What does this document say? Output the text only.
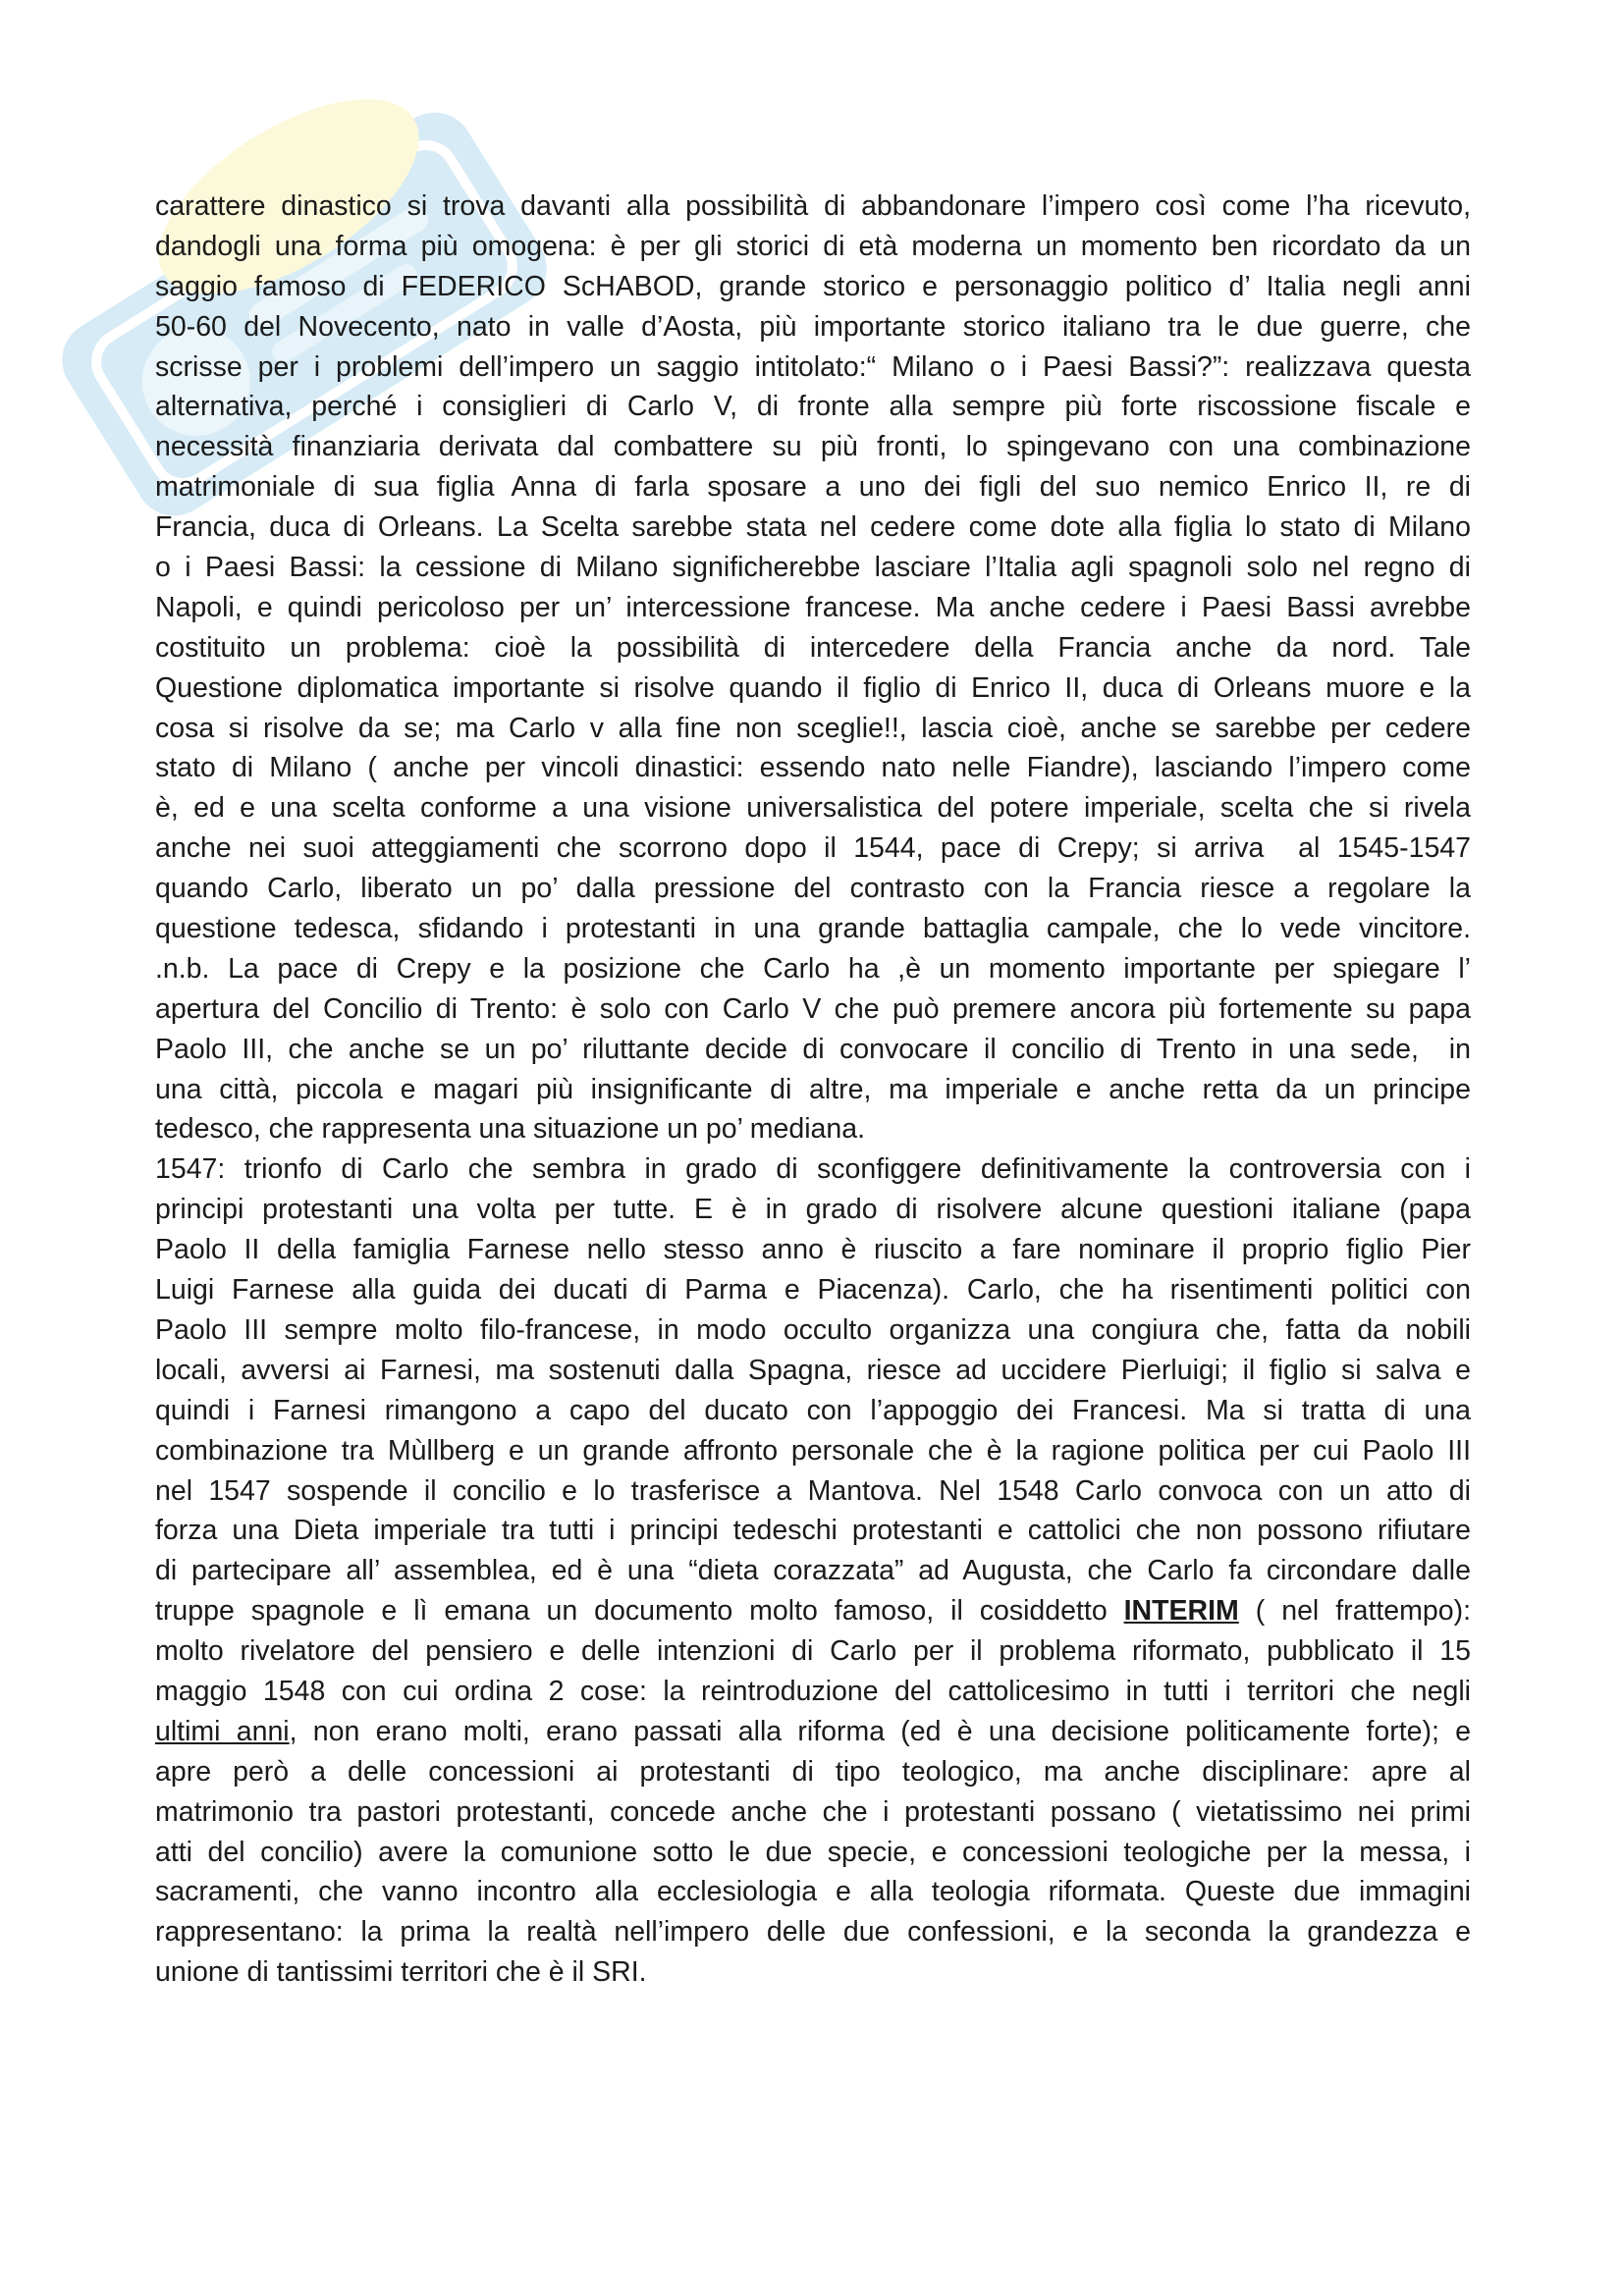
carattere dinastico si trova davanti alla possibilità di abbandonare l’impero così come l’ha ricevuto,
dandogli una forma più omogena: è per gli storici di età moderna un momento ben ricordato da un
saggio famoso di FEDERICO ScHABOD, grande storico e personaggio politico d’ Italia negli anni
50-60 del Novecento, nato in valle d’Aosta, più importante storico italiano tra le due guerre, che
scrisse per i problemi dell’impero un saggio intitolato:“ Milano o i Paesi Bassi?”: realizzava questa
alternativa, perché i consiglieri di Carlo V, di fronte alla sempre più forte riscossione fiscale e
necessità finanziaria derivata dal combattere su più fronti, lo spingevano con una combinazione
matrimoniale di sua figlia Anna di farla sposare a uno dei figli del suo nemico Enrico II, re di
Francia, duca di Orleans. La Scelta sarebbe stata nel cedere come dote alla figlia lo stato di Milano
o i Paesi Bassi: la cessione di Milano significherebbe lasciare l’Italia agli spagnoli solo nel regno di
Napoli, e quindi pericoloso per un’ intercessione francese. Ma anche cedere i Paesi Bassi avrebbe
costituito un problema: cioè la possibilità di intercedere della Francia anche da nord. Tale
Questione diplomatica importante si risolve quando il figlio di Enrico II, duca di Orleans muore e la
cosa si risolve da se; ma Carlo v alla fine non sceglie!!, lascia cioè, anche se sarebbe per cedere
stato di Milano ( anche per vincoli dinastici: essendo nato nelle Fiandre), lasciando l’impero come
è, ed e una scelta conforme a una visione universalistica del potere imperiale, scelta che si rivela
anche nei suoi atteggiamenti che scorrono dopo il 1544, pace di Crepy; si arriva  al 1545-1547
quando Carlo, liberato un po’ dalla pressione del contrasto con la Francia riesce a regolare la
questione tedesca, sfidando i protestanti in una grande battaglia campale, che lo vede vincitore.
.n.b. La pace di Crepy e la posizione che Carlo ha ,è un momento importante per spiegare l’
apertura del Concilio di Trento: è solo con Carlo V che può premere ancora più fortemente su papa
Paolo III, che anche se un po’ riluttante decide di convocare il concilio di Trento in una sede,  in
una città, piccola e magari più insignificante di altre, ma imperiale e anche retta da un principe
tedesco, che rappresenta una situazione un po’ mediana.
1547: trionfo di Carlo che sembra in grado di sconfiggere definitivamente la controversia con i
principi protestanti una volta per tutte. E è in grado di risolvere alcune questioni italiane (papa
Paolo II della famiglia Farnese nello stesso anno è riuscito a fare nominare il proprio figlio Pier
Luigi Farnese alla guida dei ducati di Parma e Piacenza). Carlo, che ha risentimenti politici con
Paolo III sempre molto filo-francese, in modo occulto organizza una congiura che, fatta da nobili
locali, avversi ai Farnesi, ma sostenuti dalla Spagna, riesce ad uccidere Pierluigi; il figlio si salva e
quindi i Farnesi rimangono a capo del ducato con l’appoggio dei Francesi. Ma si tratta di una
combinazione tra Mùllberg e un grande affronto personale che è la ragione politica per cui Paolo III
nel 1547 sospende il concilio e lo trasferisce a Mantova. Nel 1548 Carlo convoca con un atto di
forza una Dieta imperiale tra tutti i principi tedeschi protestanti e cattolici che non possono rifiutare
di partecipare all’ assemblea, ed è una “dieta corazzata” ad Augusta, che Carlo fa circondare dalle
truppe spagnole e lì emana un documento molto famoso, il cosiddetto INTERIM ( nel frattempo):
molto rivelatore del pensiero e delle intenzioni di Carlo per il problema riformato, pubblicato il 15
maggio 1548 con cui ordina 2 cose: la reintroduzione del cattolicesimo in tutti i territori che negli
ultimi anni, non erano molti, erano passati alla riforma (ed è una decisione politicamente forte); e
apre però a delle concessioni ai protestanti di tipo teologico, ma anche disciplinare: apre al
matrimonio tra pastori protestanti, concede anche che i protestanti possano ( vietatissimo nei primi
atti del concilio) avere la comunione sotto le due specie, e concessioni teologiche per la messa, i
sacramenti, che vanno incontro alla ecclesiologia e alla teologia riformata. Queste due immagini
rappresentano: la prima la realtà nell’impero delle due confessioni, e la seconda la grandezza e
unione di tantissimi territori che è il SRI.
